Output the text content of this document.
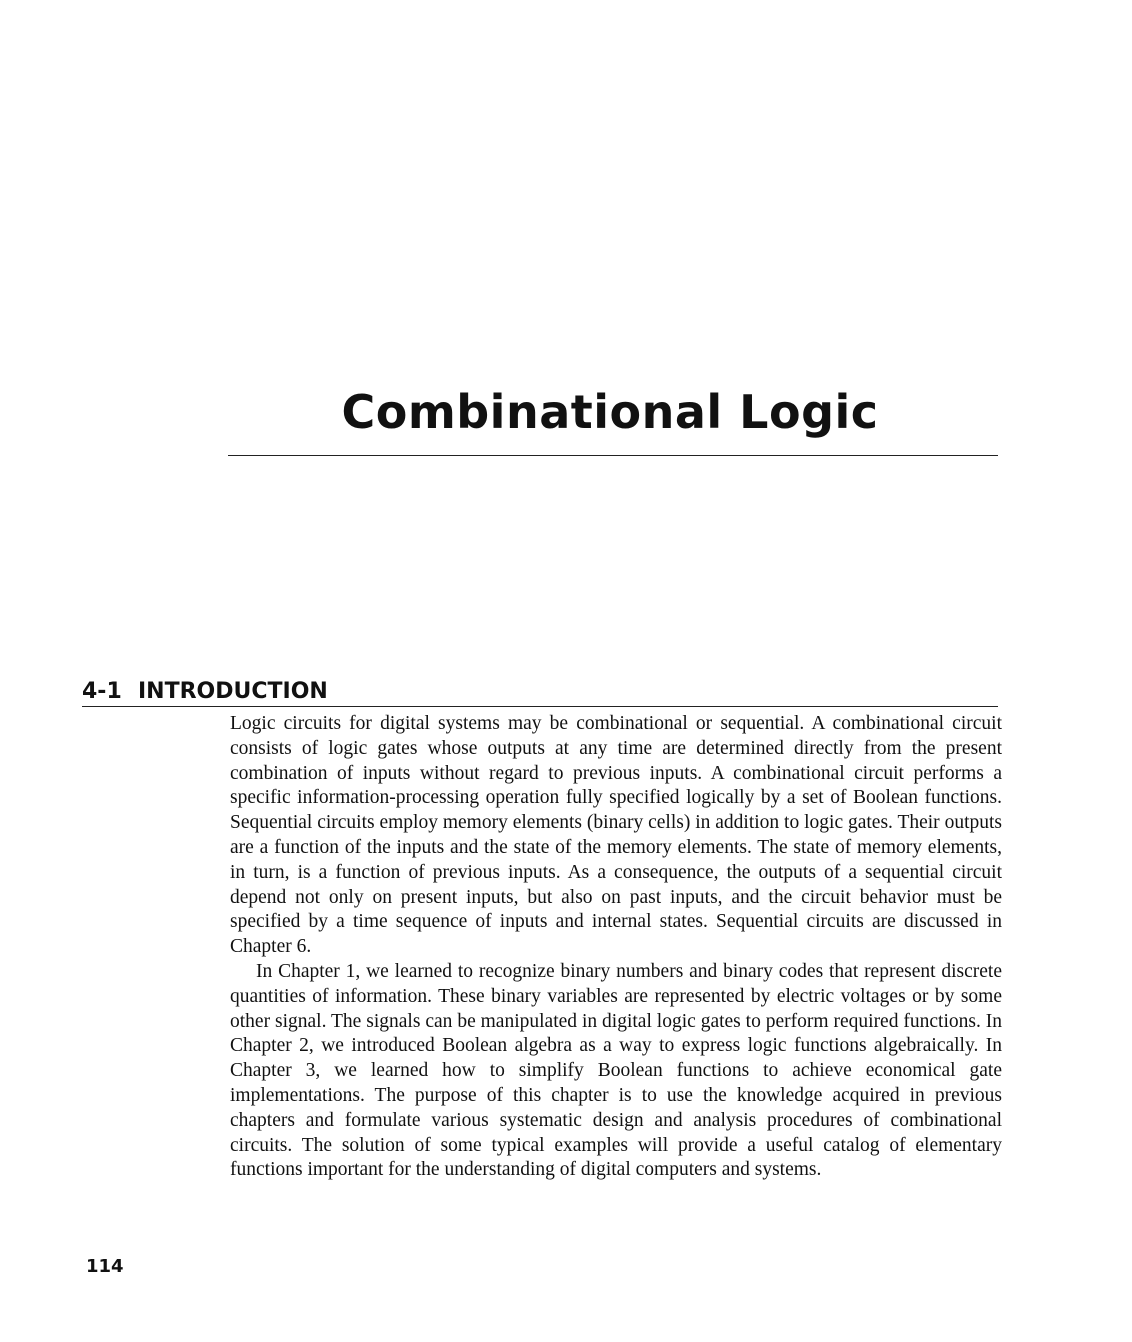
Combinational Logic
4-1 INTRODUCTION

Logic circuits for digital systems may be combinational or sequential. A combinational circuit consists of logic gates whose outputs at any time are determined directly from the present combination of inputs without regard to previous inputs. A combinational circuit performs a specific information-processing operation fully specified logically by a set of Boolean functions. Sequential circuits employ memory elements (binary cells) in addition to logic gates. Their outputs are a function of the inputs and the state of the memory elements. The state of memory elements, in turn, is a function of previous inputs. As a consequence, the outputs of a sequential circuit depend not only on present inputs, but also on past inputs, and the circuit behavior must be specified by a time sequence of inputs and internal states. Sequential circuits are discussed in Chapter 6.

In Chapter 1, we learned to recognize binary numbers and binary codes that represent discrete quantities of information. These binary variables are represented by electric voltages or by some other signal. The signals can be manipulated in digital logic gates to perform required functions. In Chapter 2, we introduced Boolean algebra as a way to express logic functions algebraically. In Chapter 3, we learned how to simplify Boolean functions to achieve economical gate implementations. The purpose of this chapter is to use the knowledge acquired in previous chapters and formulate various systematic design and analysis procedures of combinational circuits. The solution of some typical examples will provide a useful catalog of elementary functions important for the understanding of digital computers and systems.

114
